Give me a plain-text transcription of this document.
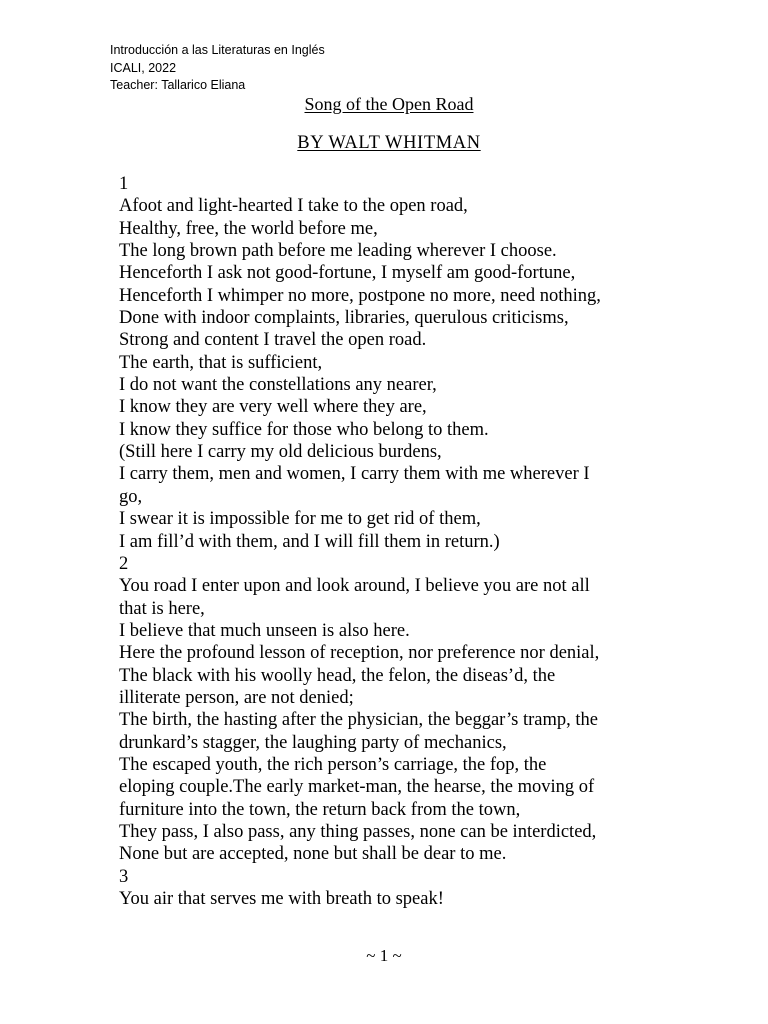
Introducción a las Literaturas en Inglés
ICALI, 2022
Teacher: Tallarico Eliana
Song of the Open Road
BY WALT WHITMAN
1
Afoot and light-hearted I take to the open road,
Healthy, free, the world before me,
The long brown path before me leading wherever I choose.
Henceforth I ask not good-fortune, I myself am good-fortune,
Henceforth I whimper no more, postpone no more, need nothing,
Done with indoor complaints, libraries, querulous criticisms,
Strong and content I travel the open road.
The earth, that is sufficient,
I do not want the constellations any nearer,
I know they are very well where they are,
I know they suffice for those who belong to them.
(Still here I carry my old delicious burdens,
I carry them, men and women, I carry them with me wherever I
go,
I swear it is impossible for me to get rid of them,
I am fill’d with them, and I will fill them in return.)
2
You road I enter upon and look around, I believe you are not all
that is here,
I believe that much unseen is also here.
Here the profound lesson of reception, nor preference nor denial,
The black with his woolly head, the felon, the diseas’d, the
illiterate person, are not denied;
The birth, the hasting after the physician, the beggar’s tramp, the
drunkard’s stagger, the laughing party of mechanics,
The escaped youth, the rich person’s carriage, the fop, the
eloping couple.The early market-man, the hearse, the moving of
furniture into the town, the return back from the town,
They pass, I also pass, any thing passes, none can be interdicted,
None but are accepted, none but shall be dear to me.
3
You air that serves me with breath to speak!
~ 1 ~
